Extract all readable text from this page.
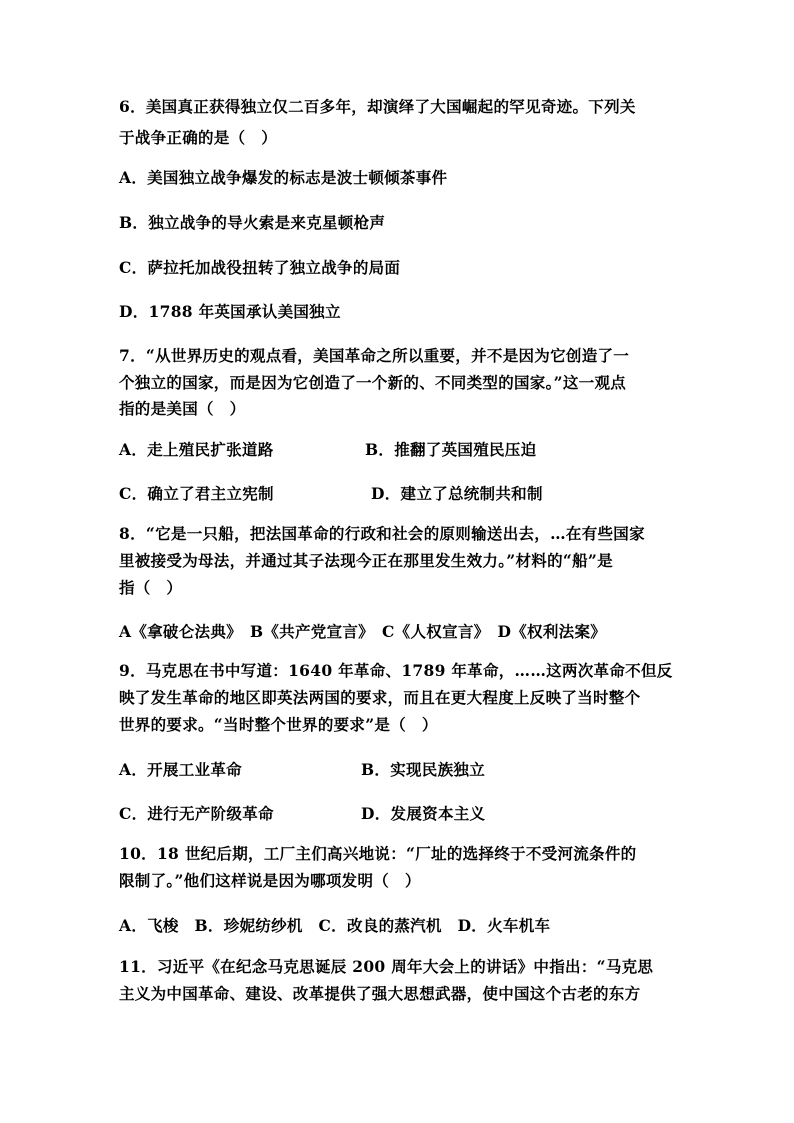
6．美国真正获得独立仅二百多年，却演绎了大国崛起的罕见奇迹。下列关
于战争正确的是（　）
A．美国独立战争爆发的标志是波士顿倾茶事件
B．独立战争的导火索是来克星顿枪声
C．萨拉托加战役扭转了独立战争的局面
D．1788 年英国承认美国独立
7．“从世界历史的观点看，美国革命之所以重要，并不是因为它创造了一
个独立的国家，而是因为它创造了一个新的、不同类型的国家。”这一观点
指的是美国（　）
A．走上殖民扩张道路	B．推翻了英国殖民压迫
C．确立了君主立宪制	D．建立了总统制共和制
8．“它是一只船，把法国革命的行政和社会的原则输送出去，…在有些国家
里被接受为母法，并通过其子法现今正在那里发生效力。”材料的“船”是
指（　）
A《拿破仑法典》　B《共产党宣言》　C《人权宣言》　D《权利法案》
9．马克思在书中写道：1640 年革命、1789 年革命，……这两次革命不但反
映了发生革命的地区即英法两国的要求，而且在更大程度上反映了当时整个
世界的要求。“当时整个世界的要求”是（　）
A．开展工业革命	B．实现民族独立
C．进行无产阶级革命	D．发展资本主义
10．18 世纪后期，工厂主们高兴地说：“厂址的选择终于不受河流条件的
限制了。”他们这样说是因为哪项发明（　）
A．飞梭　B．珍妮纺纱机　C．改良的蒸汽机　D．火车机车
11．习近平《在纪念马克思诞辰 200 周年大会上的讲话》中指出：“马克思
主义为中国革命、建设、改革提供了强大思想武器，使中国这个古老的东方
